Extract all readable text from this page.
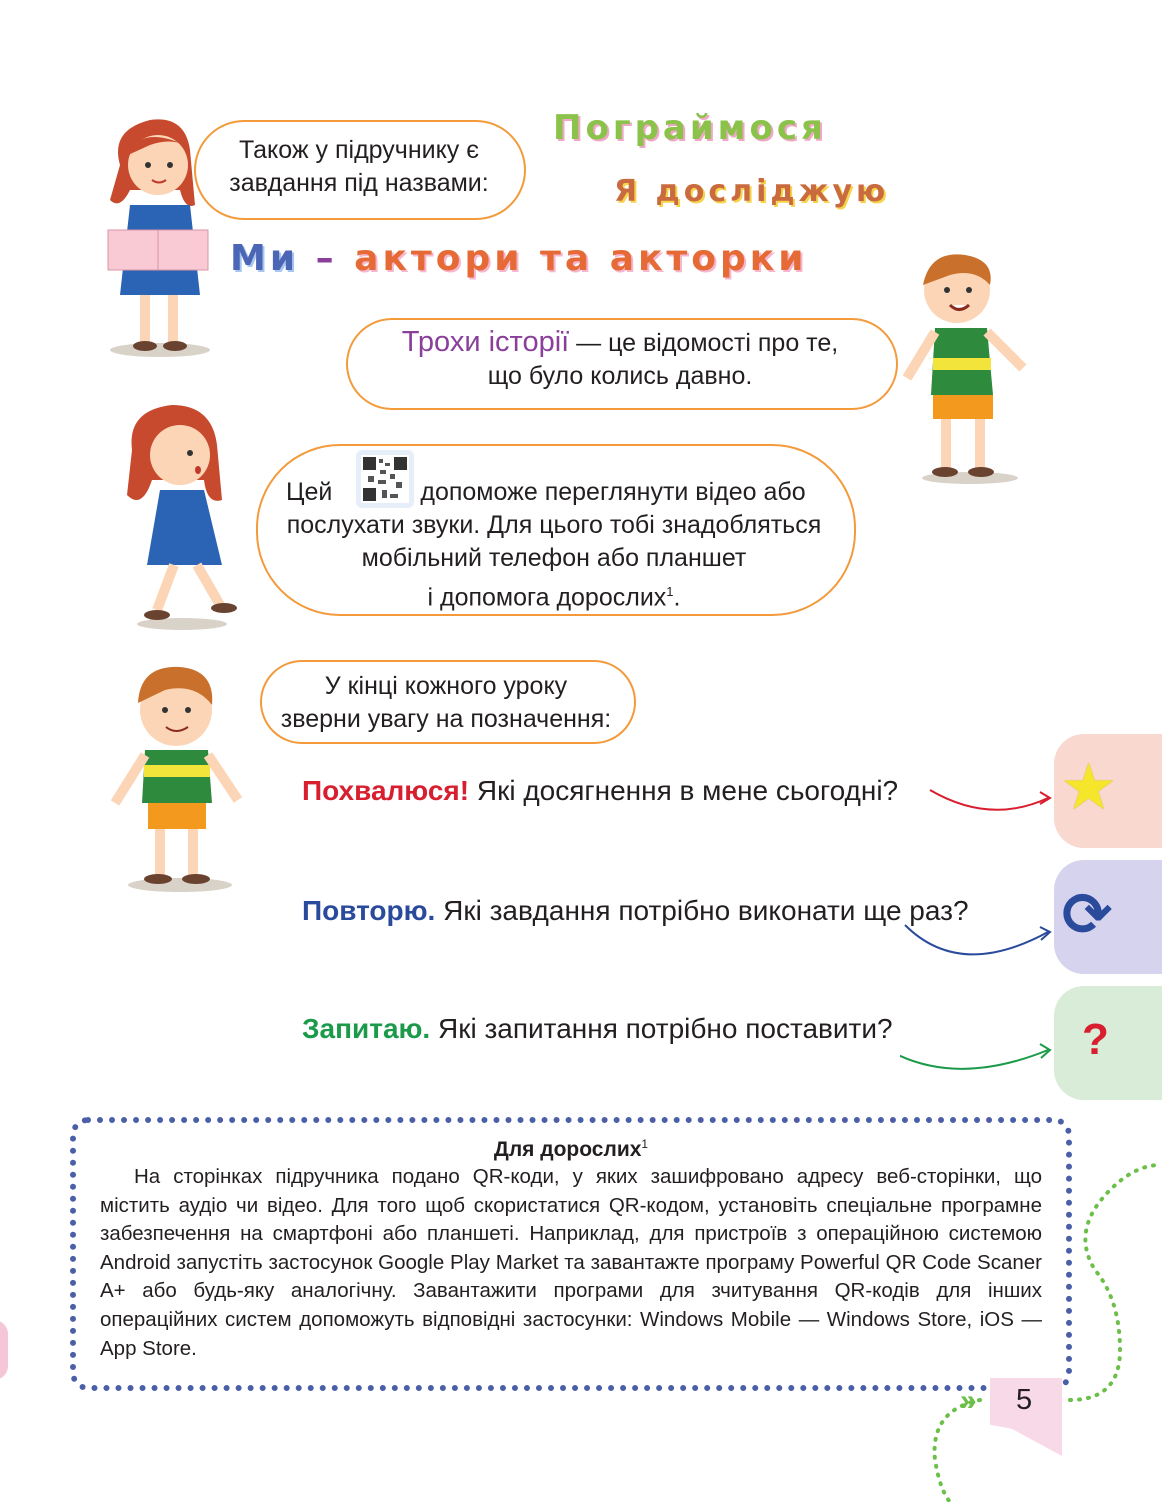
Пограймося
Я досліджую
Ми – актори та акторки
Також у підручнику є
завдання під назвами:
Трохи історії — це відомості про те,
що було колись давно.
Цей	допоможе переглянути відео або
послухати звуки. Для цього тобі знадобляться
мобільний телефон або планшет
і допомога дорослих$^1$.
У кінці кожного уроку
зверни увагу на позначення:
Похвалюся! Які досягнення в мене сьогодні?
Повторю. Які завдання потрібно виконати ще раз?
Запитаю. Які запитання потрібно поставити?
★
⟳
?
Для дорослих$^1$
На сторінках підручника подано QR-коди, у яких зашифровано адресу веб-сторінки, що містить аудіо чи відео. Для того щоб скористатися QR-кодом, установіть спеціальне програмне забезпечення на смартфоні або планшеті. Наприклад, для пристроїв з операційною системою Android запустіть застосунок Google Play Market та завантажте програму Powerful QR Code Scaner A+ або будь-яку аналогічну. Завантажити програми для зчитування QR-кодів для інших операційних систем допоможуть відповідні застосунки: Windows Mobile — Windows Store, iOS — App Store.
» 5
